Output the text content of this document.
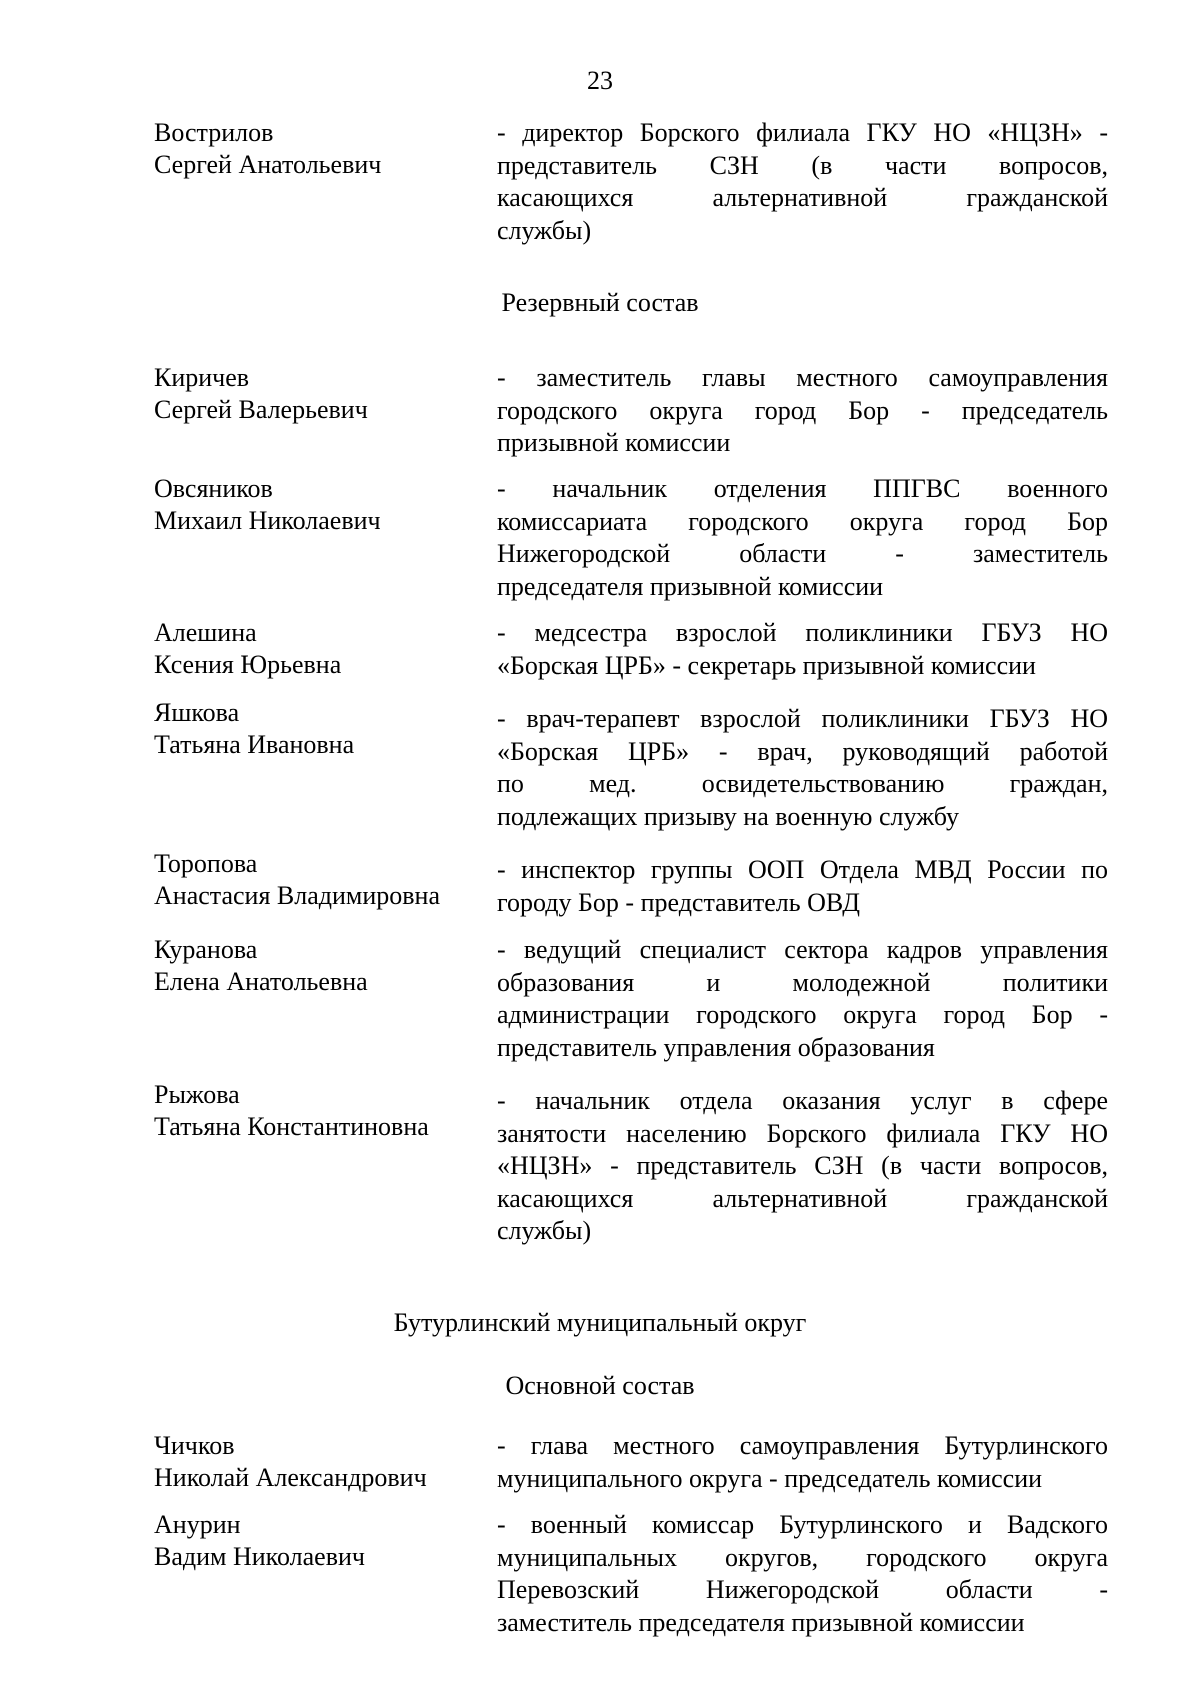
23
Вострилов
Сергей Анатольевич
- директор Борского филиала ГКУ НО «НЦЗН» -
представитель СЗН (в части вопросов,
касающихся альтернативной гражданской
службы)
Резервный состав
Киричев
Сергей Валерьевич
- заместитель главы местного самоуправления
городского округа город Бор - председатель
призывной комиссии
Овсяников
Михаил Николаевич
- начальник отделения ППГВС военного
комиссариата городского округа город Бор
Нижегородской области - заместитель
председателя призывной комиссии
Алешина
Ксения Юрьевна
- медсестра взрослой поликлиники ГБУЗ НО
«Борская ЦРБ» - секретарь призывной комиссии
Яшкова
Татьяна Ивановна
- врач-терапевт взрослой поликлиники ГБУЗ НО
«Борская ЦРБ» - врач, руководящий работой
по мед. освидетельствованию граждан,
подлежащих призыву на военную службу
Торопова
Анастасия Владимировна
- инспектор группы ООП Отдела МВД России по
городу Бор - представитель ОВД
Куранова
Елена Анатольевна
- ведущий специалист сектора кадров управления
образования и молодежной политики
администрации городского округа город Бор -
представитель управления образования
Рыжова
Татьяна Константиновна
- начальник отдела оказания услуг в сфере
занятости населению Борского филиала ГКУ НО
«НЦЗН» - представитель СЗН (в части вопросов,
касающихся альтернативной гражданской
службы)
Бутурлинский муниципальный округ
Основной состав
Чичков
Николай Александрович
- глава местного самоуправления Бутурлинского
муниципального округа - председатель комиссии
Анурин
Вадим Николаевич
- военный комиссар Бутурлинского и Вадского
муниципальных округов, городского округа
Перевозский Нижегородской области -
заместитель председателя призывной комиссии
